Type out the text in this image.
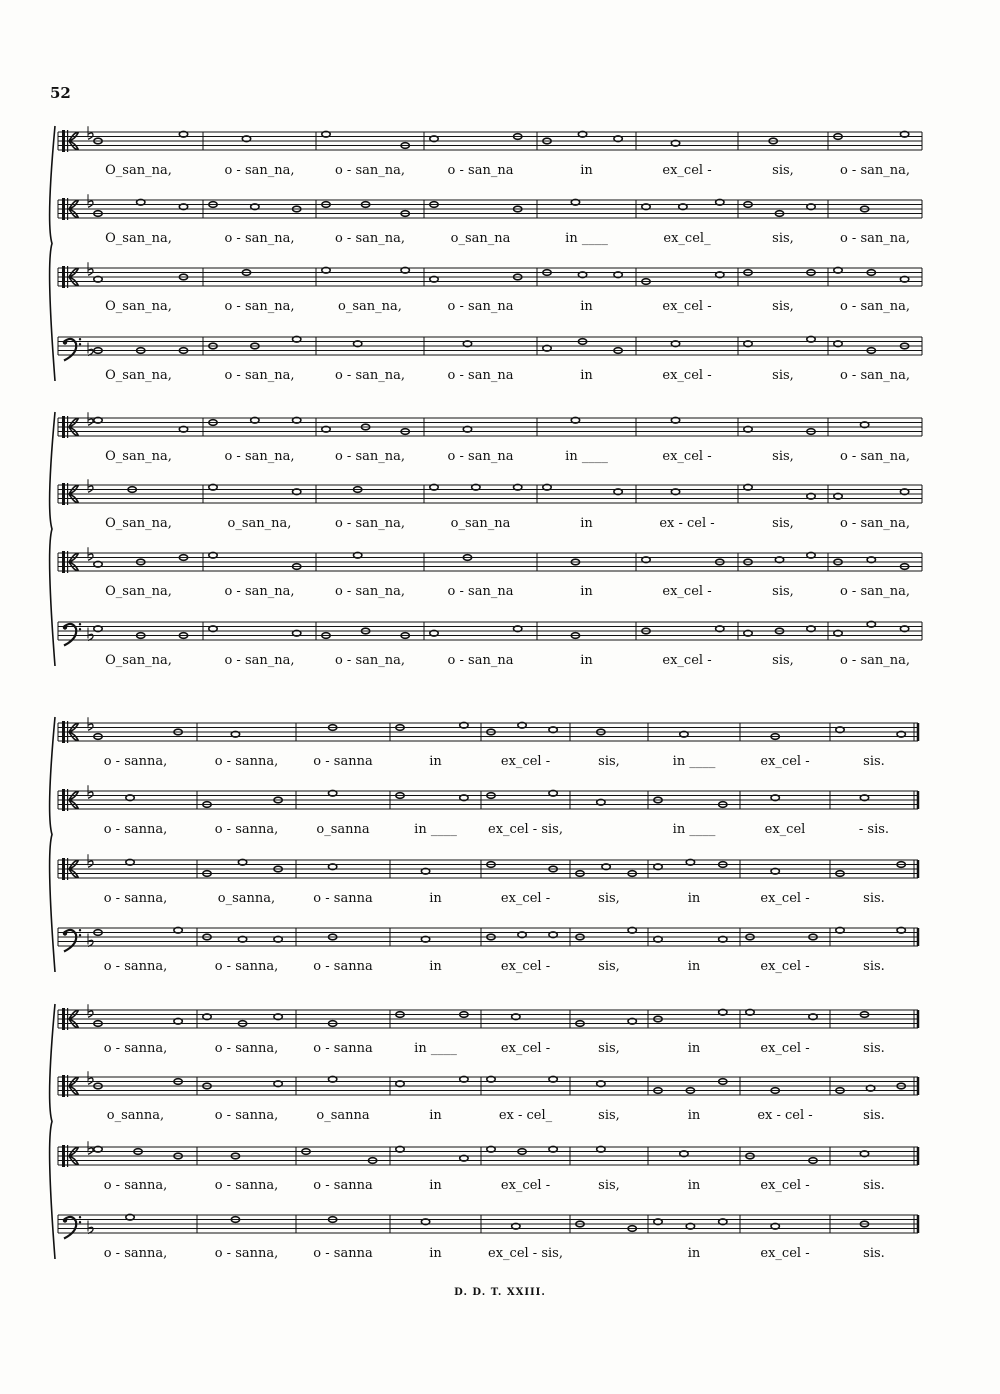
52
O_san_na,	o - san_na,	o - san_na,	o - san_na	in	ex_cel -	sis,	o - san_na,
O_san_na,	o - san_na,	o - san_na,	o_san_na	in ____	ex_cel_	sis,	o - san_na,
O_san_na,	o - san_na,	o_san_na,	o - san_na	in	ex_cel -	sis,	o - san_na,
O_san_na,	o - san_na,	o - san_na,	o - san_na	in	ex_cel -	sis,	o - san_na,
O_san_na,	o - san_na,	o - san_na,	o - san_na	in ____	ex_cel -	sis,	o - san_na,
O_san_na,	o_san_na,	o - san_na,	o_san_na	in	ex - cel -	sis,	o - san_na,
O_san_na,	o - san_na,	o - san_na,	o - san_na	in	ex_cel -	sis,	o - san_na,
O_san_na,	o - san_na,	o - san_na,	o - san_na	in	ex_cel -	sis,	o - san_na,
o - sanna,	o - sanna,	o - sanna	in	ex_cel -	sis,	in ____	ex_cel -	sis.
o - sanna,	o - sanna,	o_sanna	in ____ ex_cel - sis,	in ____	ex_cel	- sis.
o - sanna,	o_sanna,	o - sanna	in	ex_cel -	sis,	in	ex_cel -	sis.
o - sanna,	o - sanna,	o - sanna	in	ex_cel -	sis,	in	ex_cel -	sis.
o - sanna,	o - sanna,	o - sanna	in ____	ex_cel -	sis,	in	ex_cel -	sis.
o_sanna,	o - sanna,	o_sanna	in	ex - cel_	sis,	in	ex - cel -	sis.
o - sanna,	o - sanna,	o - sanna	in	ex_cel -	sis,	in	ex_cel -	sis.
o - sanna,	o - sanna,	o - sanna	in	ex_cel - sis,	in	ex_cel -	sis.
D. D. T. XXIII.
